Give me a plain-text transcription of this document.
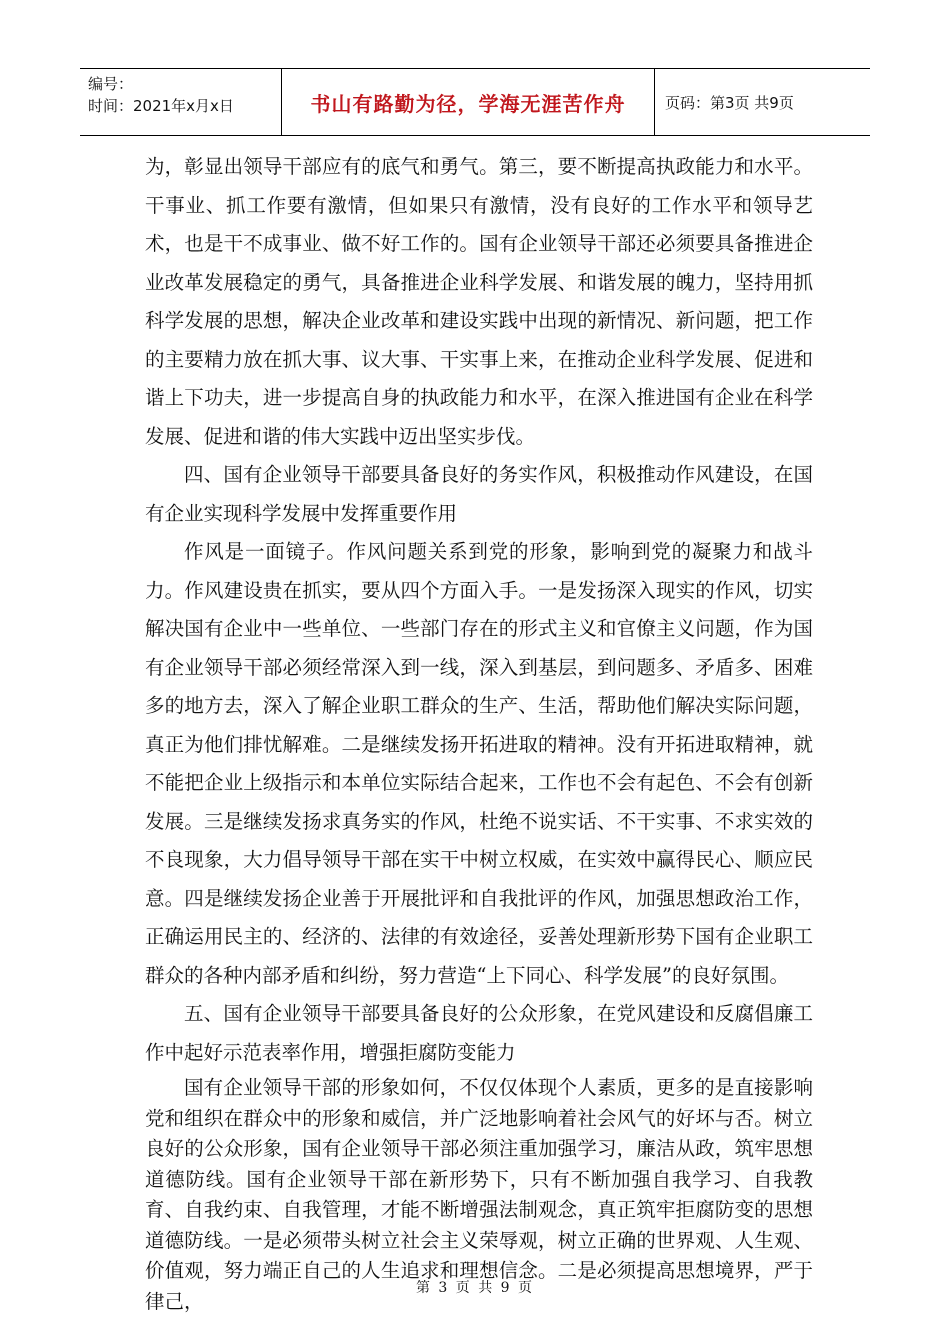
编号：
时间：2021年x月x日	书山有路勤为径，学海无涯苦作舟	页码：第3页 共9页

为，彰显出领导干部应有的底气和勇气。第三，要不断提高执政能力和水平。干事业、抓工作要有激情，但如果只有激情，没有良好的工作水平和领导艺术，也是干不成事业、做不好工作的。国有企业领导干部还必须要具备推进企业改革发展稳定的勇气，具备推进企业科学发展、和谐发展的魄力，坚持用抓科学发展的思想，解决企业改革和建设实践中出现的新情况、新问题，把工作的主要精力放在抓大事、议大事、干实事上来，在推动企业科学发展、促进和谐上下功夫，进一步提高自身的执政能力和水平，在深入推进国有企业在科学发展、促进和谐的伟大实践中迈出坚实步伐。

四、国有企业领导干部要具备良好的务实作风，积极推动作风建设，在国有企业实现科学发展中发挥重要作用

作风是一面镜子。作风问题关系到党的形象，影响到党的凝聚力和战斗力。作风建设贵在抓实，要从四个方面入手。一是发扬深入现实的作风，切实解决国有企业中一些单位、一些部门存在的形式主义和官僚主义问题，作为国有企业领导干部必须经常深入到一线，深入到基层，到问题多、矛盾多、困难多的地方去，深入了解企业职工群众的生产、生活，帮助他们解决实际问题，真正为他们排忧解难。二是继续发扬开拓进取的精神。没有开拓进取精神，就不能把企业上级指示和本单位实际结合起来，工作也不会有起色、不会有创新发展。三是继续发扬求真务实的作风，杜绝不说实话、不干实事、不求实效的不良现象，大力倡导领导干部在实干中树立权威，在实效中赢得民心、顺应民意。四是继续发扬企业善于开展批评和自我批评的作风，加强思想政治工作，正确运用民主的、经济的、法律的有效途径，妥善处理新形势下国有企业职工群众的各种内部矛盾和纠纷，努力营造“上下同心、科学发展”的良好氛围。

五、国有企业领导干部要具备良好的公众形象，在党风建设和反腐倡廉工作中起好示范表率作用，增强拒腐防变能力

国有企业领导干部的形象如何，不仅仅体现个人素质，更多的是直接影响党和组织在群众中的形象和威信，并广泛地影响着社会风气的好坏与否。树立良好的公众形象，国有企业领导干部必须注重加强学习，廉洁从政，筑牢思想道德防线。国有企业领导干部在新形势下，只有不断加强自我学习、自我教育、自我约束、自我管理，才能不断增强法制观念，真正筑牢拒腐防变的思想道德防线。一是必须带头树立社会主义荣辱观，树立正确的世界观、人生观、价值观，努力端正自己的人生追求和理想信念。二是必须提高思想境界，严于律己，

第 3 页 共 9 页
